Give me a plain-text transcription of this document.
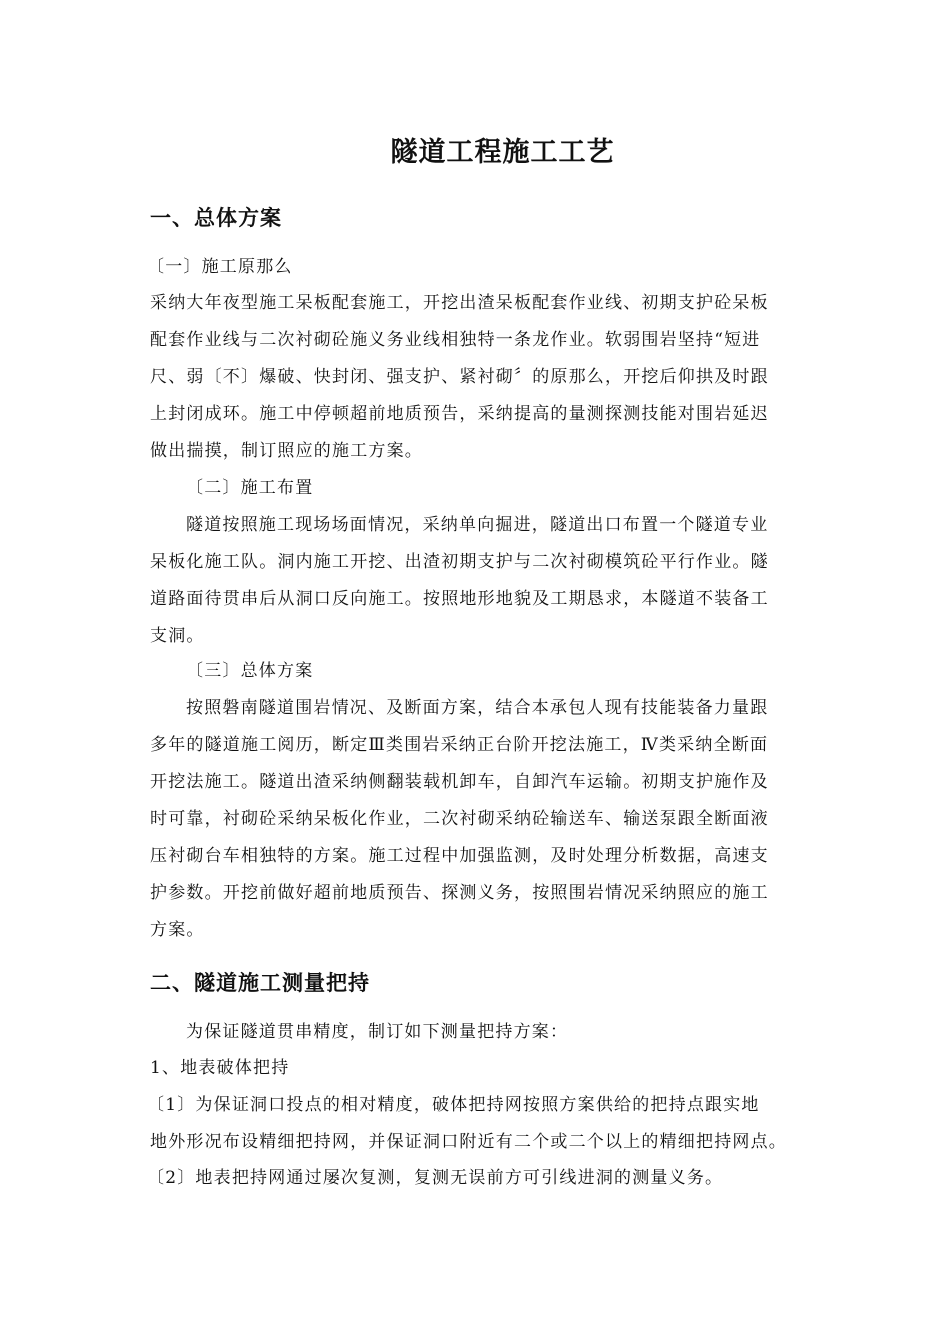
隧道工程施工工艺
一、总体方案
〔一〕施工原那么
采纳大年夜型施工呆板配套施工，开挖出渣呆板配套作业线、初期支护砼呆板
配套作业线与二次衬砌砼施义务业线相独特一条龙作业。软弱围岩坚持“短进
尺、弱〔不〕爆破、快封闭、强支护、紧衬砌〞的原那么，开挖后仰拱及时跟
上封闭成环。施工中停顿超前地质预告，采纳提高的量测探测技能对围岩延迟
做出揣摸，制订照应的施工方案。
〔二〕施工布置
隧道按照施工现场场面情况，采纳单向掘进，隧道出口布置一个隧道专业
呆板化施工队。洞内施工开挖、出渣初期支护与二次衬砌模筑砼平行作业。隧
道路面待贯串后从洞口反向施工。按照地形地貌及工期恳求，本隧道不装备工
支洞。
〔三〕总体方案
按照磐南隧道围岩情况、及断面方案，结合本承包人现有技能装备力量跟
多年的隧道施工阅历，断定Ⅲ类围岩采纳正台阶开挖法施工，Ⅳ类采纳全断面
开挖法施工。隧道出渣采纳侧翻装载机卸车，自卸汽车运输。初期支护施作及
时可靠，衬砌砼采纳呆板化作业，二次衬砌采纳砼输送车、输送泵跟全断面液
压衬砌台车相独特的方案。施工过程中加强监测，及时处理分析数据，高速支
护参数。开挖前做好超前地质预告、探测义务，按照围岩情况采纳照应的施工
方案。
二、隧道施工测量把持
为保证隧道贯串精度，制订如下测量把持方案：
1、地表破体把持
〔1〕为保证洞口投点的相对精度，破体把持网按照方案供给的把持点跟实地
地外形况布设精细把持网，并保证洞口附近有二个或二个以上的精细把持网点。
〔2〕地表把持网通过屡次复测，复测无误前方可引线进洞的测量义务。
